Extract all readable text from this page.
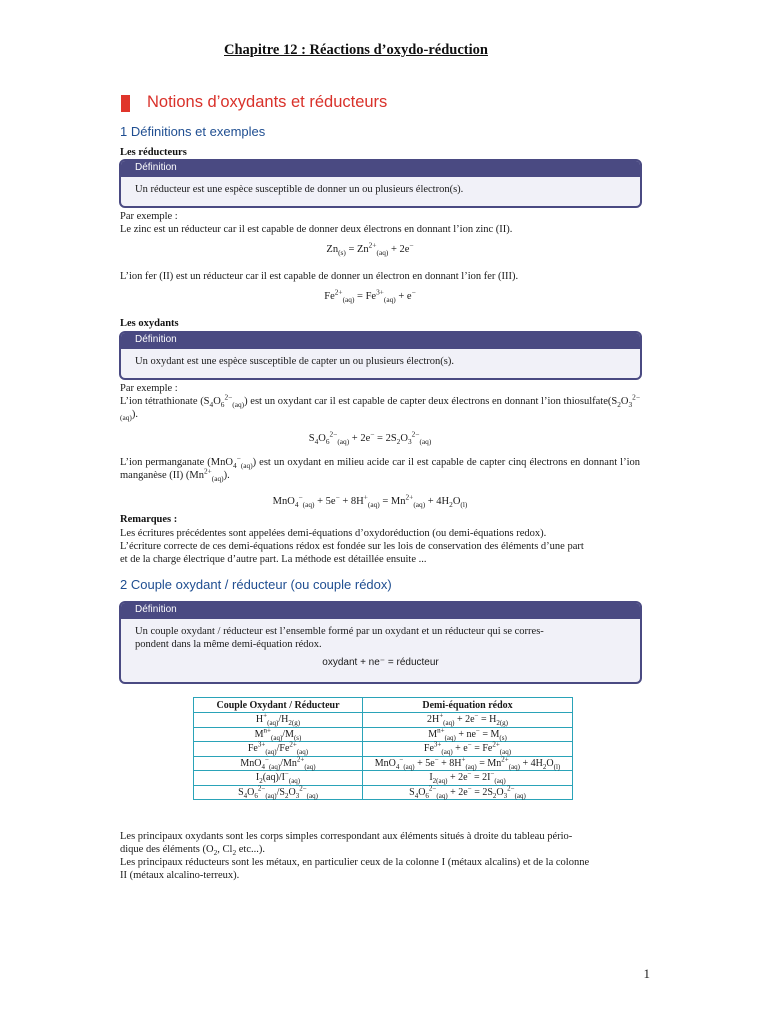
Chapitre 12 : Réactions d’oxydo-réduction
Notions d’oxydants et réducteurs
1 Définitions et exemples
Les réducteurs
Définition
Un réducteur est une espèce susceptible de donner un ou plusieurs électron(s).
Par exemple :
Le zinc est un réducteur car il est capable de donner deux électrons en donnant l’ion zinc (II).
$Zn_{(s)} = Zn^{2+}_{(aq)} + 2e^-$
L’ion fer (II) est un réducteur car il est capable de donner un électron en donnant l’ion fer (III).
$Fe^{2+}_{(aq)} = Fe^{3+}_{(aq)} + e^-$
Les oxydants
Définition
Un oxydant est une espèce susceptible de capter un ou plusieurs électron(s).
Par exemple :
L’ion tétrathionate $(S_4O_6^{2-}_{(aq)})$ est un oxydant car il est capable de capter deux électrons en donnant l’ion $thiosulfate(S_2O_3^{2-}_{(aq)})$.
$S_4O_6^{2-}_{(aq)} + 2e^- = 2S_2O_3^{2-}_{(aq)}$
L’ion permanganate (MnO$_4$−$_{(aq)}$) est un oxydant en milieu acide car il est capable de capter cinq électrons en donnant l’ion manganèse (II) $(Mn^{2+}_{(aq)})$.
$MnO_4^-_{(aq)} + 5e^- + 8H^+_{(aq)} = Mn^{2+}_{(aq)} + 4H_2O_{(l)}$
Remarques :
Les écritures précédentes sont appelées demi-équations d’oxydoréduction (ou demi-équations redox).
L’écriture correcte de ces demi-équations rédox est fondée sur les lois de conservation des éléments d’une part
et de la charge électrique d’autre part. La méthode est détaillée ensuite ...
2 Couple oxydant / réducteur (ou couple rédox)
Définition
Un couple oxydant / réducteur est l’ensemble formé par un oxydant et un réducteur qui se corres-
pondent dans la même demi-équation rédox.
oxydant + ne⁻ = réducteur
Couple Oxydant / Réducteur	Demi-équation rédox
$H^+_{(aq)}/H_{2(g)}$	$2H^+_{(aq)} + 2e^- = H_{2(g)}$
$M^{n+}_{(aq)}/M_{(s)}$	$M^{n+}_{(aq)} + ne^- = M_{(s)}$
$Fe^{3+}_{(aq)}/Fe^{2+}_{(aq)}$	$Fe^{3+}_{(aq)} + e^- = Fe^{2+}_{(aq)}$
$MnO_4^-_{(aq)}/Mn^{2+}_{(aq)}$	$MnO_4^-_{(aq)} + 5e^- + 8H^+_{(aq)} = Mn^{2+}_{(aq)} + 4H_2O_{(l)}$
$I_2(aq)/I^-_{(aq)}$	$I_{2(aq)} + 2e^- = 2I^-_{(aq)}$
$S_4O_6^{2-}_{(aq)}/S_2O_3^{2-}_{(aq)}$	$S_4O_6^{2-}_{(aq)} + 2e^- = 2S_2O_3^{2-}_{(aq)}$
Les principaux oxydants sont les corps simples correspondant aux éléments situés à droite du tableau pério-
dique des éléments ($O_2$, $Cl_2$ etc...).
Les principaux réducteurs sont les métaux, en particulier ceux de la colonne I (métaux alcalins) et de la colonne
II (métaux alcalino-terreux).
1
